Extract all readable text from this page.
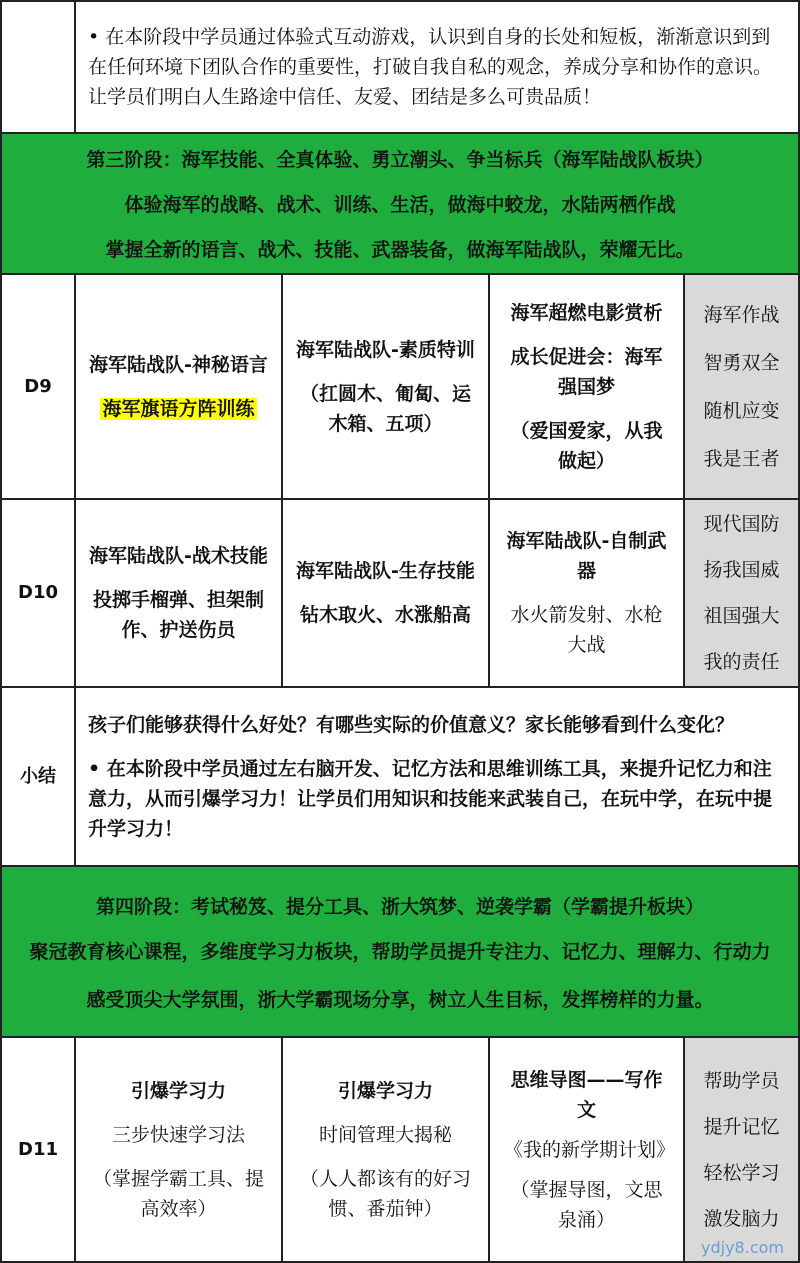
• 在本阶段中学员通过体验式互动游戏，认识到自身的长处和短板，渐渐意识到到在任何环境下团队合作的重要性，打破自我自私的观念，养成分享和协作的意识。让学员们明白人生路途中信任、友爱、团结是多么可贵品质！

第三阶段：海军技能、全真体验、勇立潮头、争当标兵（海军陆战队板块）

体验海军的战略、战术、训练、生活，做海中蛟龙，水陆两栖作战

掌握全新的语言、战术、技能、武器装备，做海军陆战队，荣耀无比。

D9
海军陆战队-神秘语言
海军旗语方阵训练
海军陆战队-素质特训
（扛圆木、匍匐、运木箱、五项）
海军超燃电影赏析
成长促进会：海军强国梦
（爱国爱家，从我做起）
海军作战
智勇双全
随机应变
我是王者
D10
海军陆战队-战术技能
投掷手榴弹、担架制作、护送伤员
海军陆战队-生存技能
钻木取火、水涨船高
海军陆战队-自制武器
水火箭发射、水枪大战
现代国防
扬我国威
祖国强大
我的责任
小结

孩子们能够获得什么好处？有哪些实际的价值意义？家长能够看到什么变化？

• 在本阶段中学员通过左右脑开发、记忆方法和思维训练工具，来提升记忆力和注意力，从而引爆学习力！让学员们用知识和技能来武装自己，在玩中学，在玩中提升学习力！

第四阶段：考试秘笈、提分工具、浙大筑梦、逆袭学霸（学霸提升板块）

聚冠教育核心课程，多维度学习力板块，帮助学员提升专注力、记忆力、理解力、行动力

感受顶尖大学氛围，浙大学霸现场分享，树立人生目标，发挥榜样的力量。

D11
引爆学习力
三步快速学习法
（掌握学霸工具、提高效率）
引爆学习力
时间管理大揭秘
（人人都该有的好习惯、番茄钟）
思维导图——写作文
《我的新学期计划》
（掌握导图，文思泉涌）
帮助学员
提升记忆
轻松学习
激发脑力
ydjy8.com
